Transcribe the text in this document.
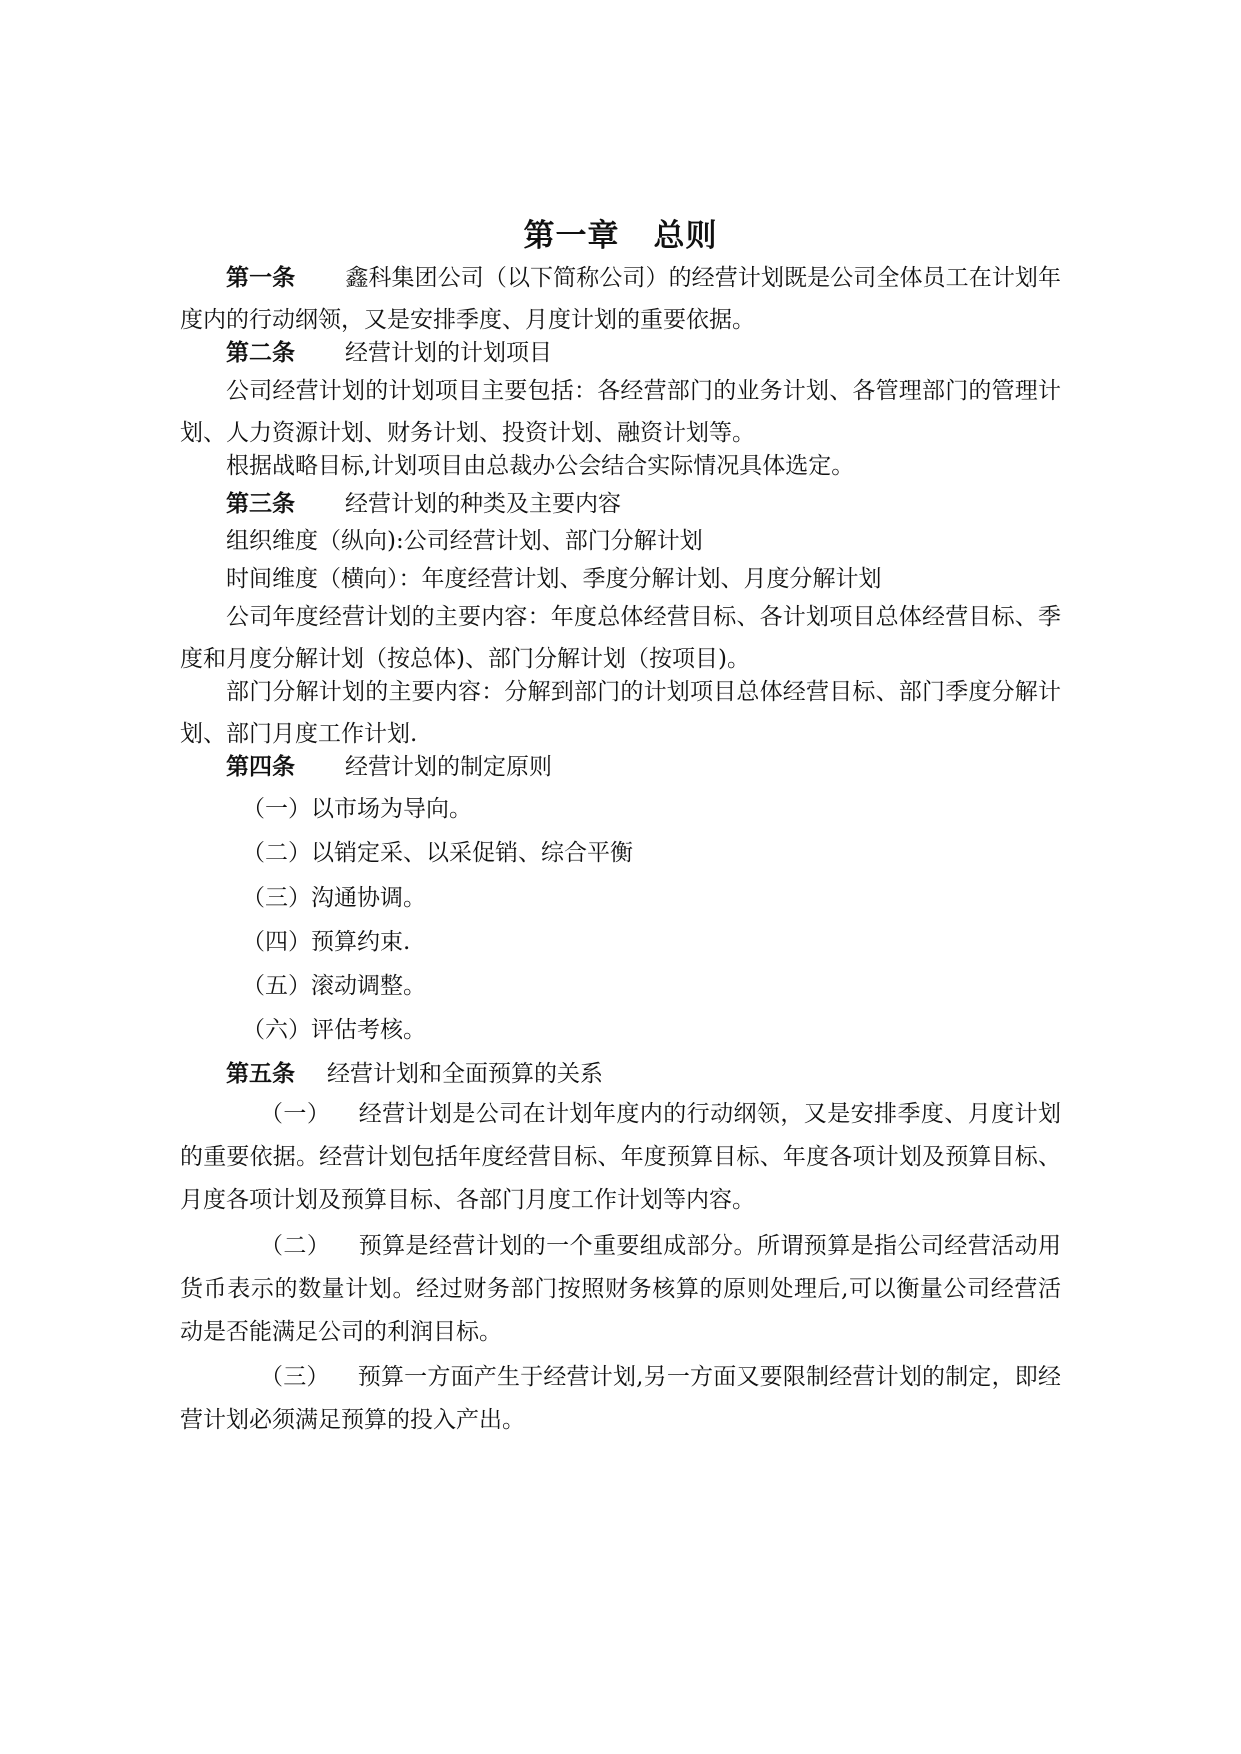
第一章 总则

第一条 鑫科集团公司（以下简称公司）的经营计划既是公司全体员工在计划年度内的行动纲领，又是安排季度、月度计划的重要依据。

第二条 经营计划的计划项目

公司经营计划的计划项目主要包括：各经营部门的业务计划、各管理部门的管理计划、人力资源计划、财务计划、投资计划、融资计划等。

根据战略目标,计划项目由总裁办公会结合实际情况具体选定。

第三条 经营计划的种类及主要内容

组织维度（纵向):公司经营计划、部门分解计划

时间维度（横向）：年度经营计划、季度分解计划、月度分解计划

公司年度经营计划的主要内容：年度总体经营目标、各计划项目总体经营目标、季度和月度分解计划（按总体)、部门分解计划（按项目)。

部门分解计划的主要内容：分解到部门的计划项目总体经营目标、部门季度分解计划、部门月度工作计划.

第四条 经营计划的制定原则

（一）以市场为导向。

（二）以销定采、以采促销、综合平衡

（三）沟通协调。

（四）预算约束.

（五）滚动调整。

（六）评估考核。

第五条 经营计划和全面预算的关系

（一） 经营计划是公司在计划年度内的行动纲领，又是安排季度、月度计划的重要依据。经营计划包括年度经营目标、年度预算目标、年度各项计划及预算目标、月度各项计划及预算目标、各部门月度工作计划等内容。

（二） 预算是经营计划的一个重要组成部分。所谓预算是指公司经营活动用货币表示的数量计划。经过财务部门按照财务核算的原则处理后,可以衡量公司经营活动是否能满足公司的利润目标。

（三） 预算一方面产生于经营计划,另一方面又要限制经营计划的制定，即经营计划必须满足预算的投入产出。
